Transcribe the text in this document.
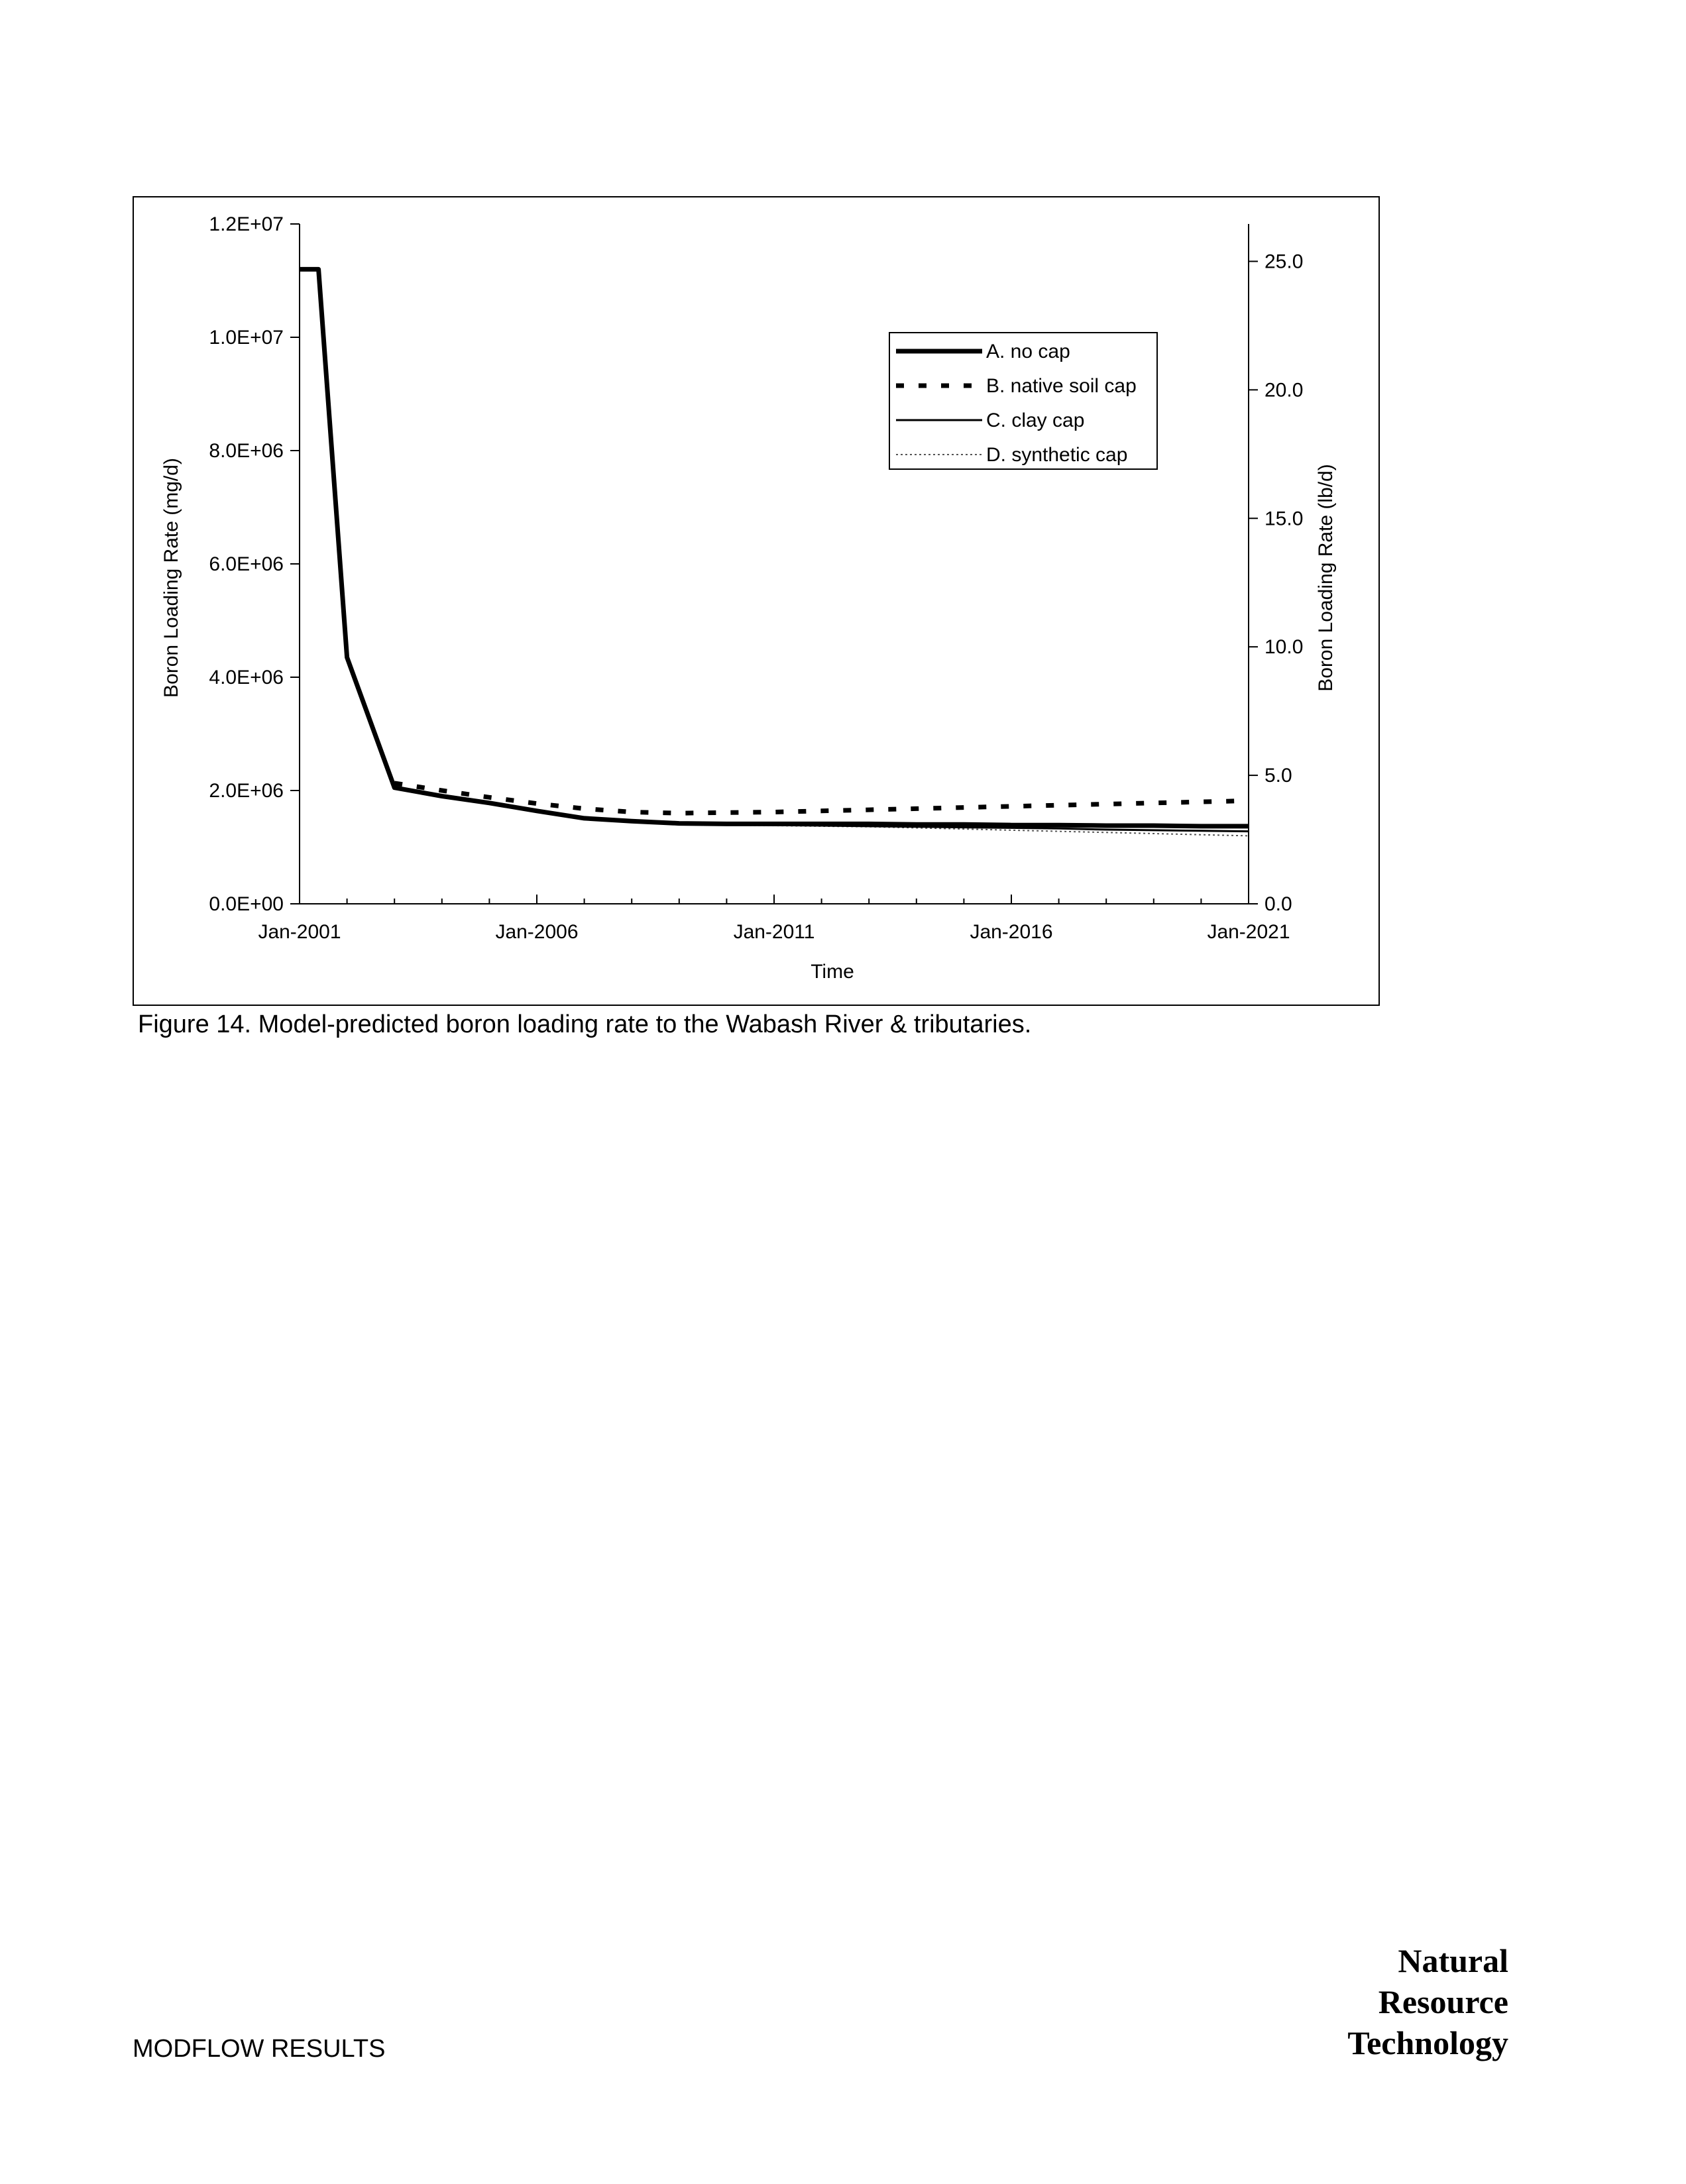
0.0E+00
2.0E+06
4.0E+06
6.0E+06
8.0E+06
1.0E+07
1.2E+07
0.0
5.0
10.0
15.0
20.0
25.0
Jan-2001	Jan-2006	Jan-2011	Jan-2016	Jan-2021
A. no cap
B. native soil cap
C. clay cap
D. synthetic cap
Time
Boron Loading Rate (mg/d)	Boron Loading Rate (lb/d)
Figure 14. Model-predicted boron loading rate to the Wabash River & tributaries.
MODFLOW RESULTS
Natural
Resource
Technology
